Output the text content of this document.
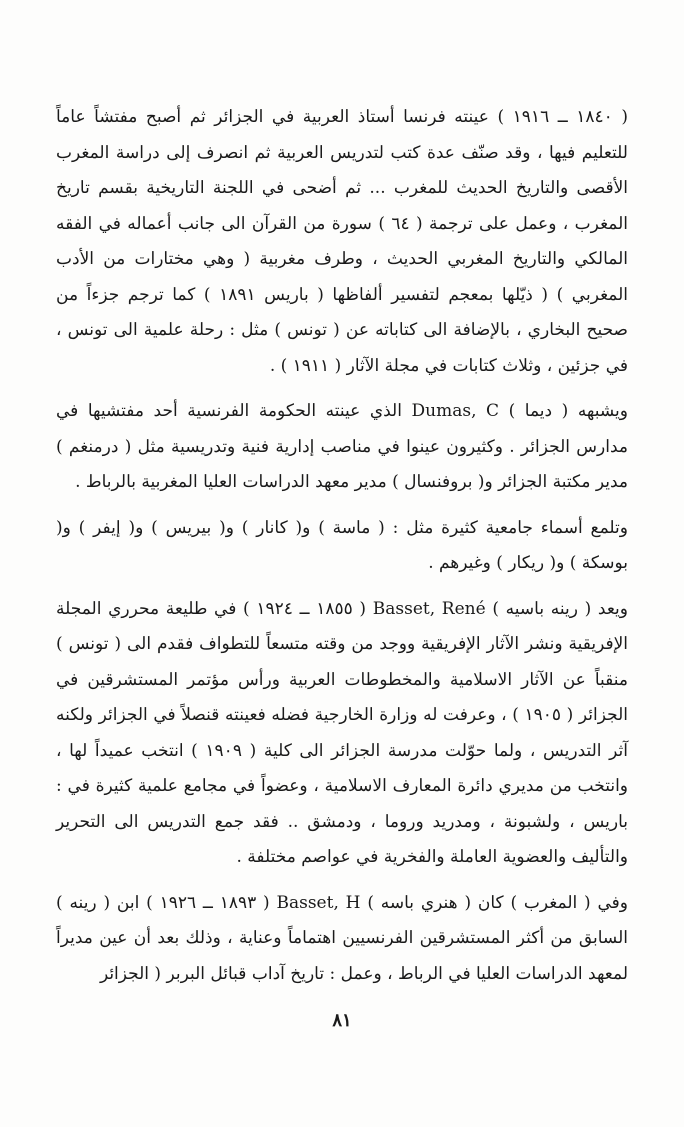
( ١٨٤٠ ــ ١٩١٦ ) عينته فرنسا أستاذ العربية في الجزائر ثم أصبح مفتشاً عاماً للتعليم فيها ، وقد صنّف عدة كتب لتدريس العربية ثم انصرف إلى دراسة المغرب الأقصى والتاريخ الحديث للمغرب ... ثم أضحى في اللجنة التاريخية بقسم تاريخ المغرب ، وعمل على ترجمة ( ٦٤ ) سورة من القرآن الى جانب أعماله في الفقه المالكي والتاريخ المغربي الحديث ، وطرف مغربية ( وهي مختارات من الأدب المغربي ) ( ذيّلها بمعجم لتفسير ألفاظها ( باريس ١٨٩١ ) كما ترجم جزءاً من صحيح البخاري ، بالإضافة الى كتاباته عن ( تونس ) مثل : رحلة علمية الى تونس ، في جزئين ، وثلاث كتابات في مجلة الآثار ( ١٩١١ ) .

ويشبهه ( ديما ) Dumas, C الذي عينته الحكومة الفرنسية أحد مفتشيها في مدارس الجزائر . وكثيرون عينوا في مناصب إدارية فنية وتدريسية مثل ( درمنغم ) مدير مكتبة الجزائر و( بروفنسال ) مدير معهد الدراسات العليا المغربية بالرباط .

وتلمع أسماء جامعية كثيرة مثل : ( ماسة ) و( كانار ) و( بيريس ) و( إيفر ) و( بوسكة ) و( ريكار ) وغيرهم .

ويعد ( رينه باسيه ) Basset, René ( ١٨٥٥ ــ ١٩٢٤ ) في طليعة محرري المجلة الإفريقية ونشر الآثار الإفريقية ووجد من وقته متسعاً للتطواف فقدم الى ( تونس ) منقباً عن الآثار الاسلامية والمخطوطات العربية ورأس مؤتمر المستشرقين في الجزائر ( ١٩٠٥ ) ، وعرفت له وزارة الخارجية فضله فعينته قنصلاً في الجزائر ولكنه آثر التدريس ، ولما حوّلت مدرسة الجزائر الى كلية ( ١٩٠٩ ) انتخب عميداً لها ، وانتخب من مديري دائرة المعارف الاسلامية ، وعضواً في مجامع علمية كثيرة في : باريس ، ولشبونة ، ومدريد وروما ، ودمشق .. فقد جمع التدريس الى التحرير والتأليف والعضوية العاملة والفخرية في عواصم مختلفة .

وفي ( المغرب ) كان ( هنري باسه ) Basset, H ( ١٨٩٣ ــ ١٩٢٦ ) ابن ( رينه ) السابق من أكثر المستشرقين الفرنسيين اهتماماً وعناية ، وذلك بعد أن عين مديراً لمعهد الدراسات العليا في الرباط ، وعمل : تاريخ آداب قبائل البربر ( الجزائر

٨١
